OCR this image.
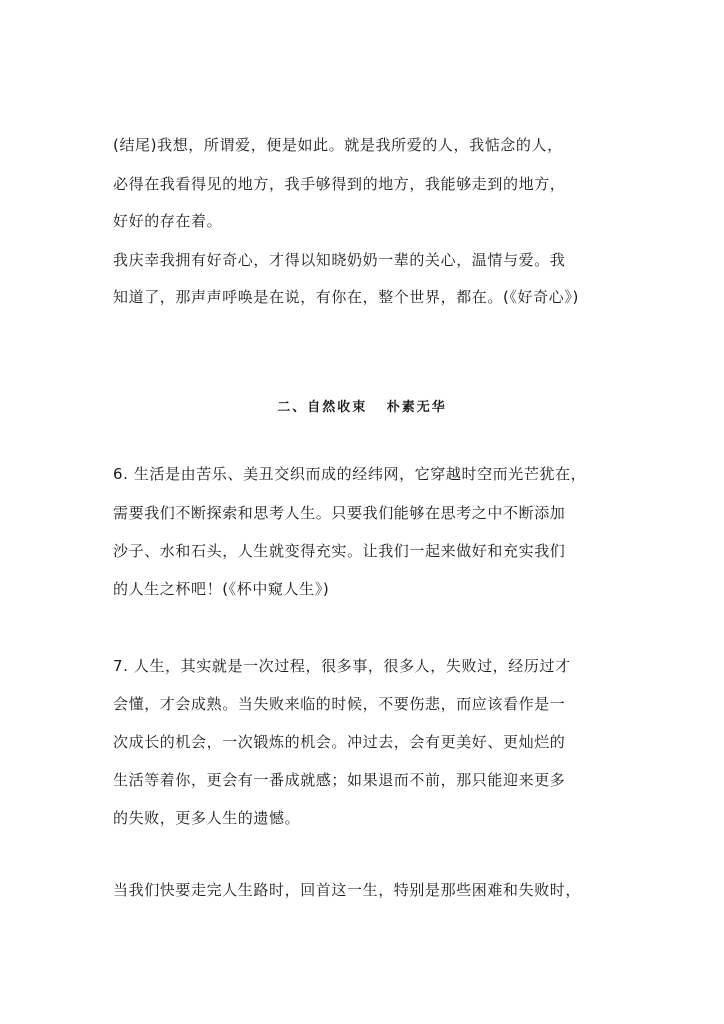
(结尾)我想，所谓爱，便是如此。就是我所爱的人，我惦念的人，
必得在我看得见的地方，我手够得到的地方，我能够走到的地方，
好好的存在着。
我庆幸我拥有好奇心，才得以知晓奶奶一辈的关心，温情与爱。我
知道了，那声声呼唤是在说，有你在，整个世界，都在。(《好奇心》)
二、自然收束   朴素无华
6. 生活是由苦乐、美丑交织而成的经纬网，它穿越时空而光芒犹在，
需要我们不断探索和思考人生。只要我们能够在思考之中不断添加
沙子、水和石头，人生就变得充实。让我们一起来做好和充实我们
的人生之杯吧！(《杯中窥人生》)
7. 人生，其实就是一次过程，很多事，很多人，失败过，经历过才
会懂，才会成熟。当失败来临的时候，不要伤悲，而应该看作是一
次成长的机会，一次锻炼的机会。冲过去，会有更美好、更灿烂的
生活等着你，更会有一番成就感；如果退而不前，那只能迎来更多
的失败，更多人生的遗憾。
当我们快要走完人生路时，回首这一生，特别是那些困难和失败时，
